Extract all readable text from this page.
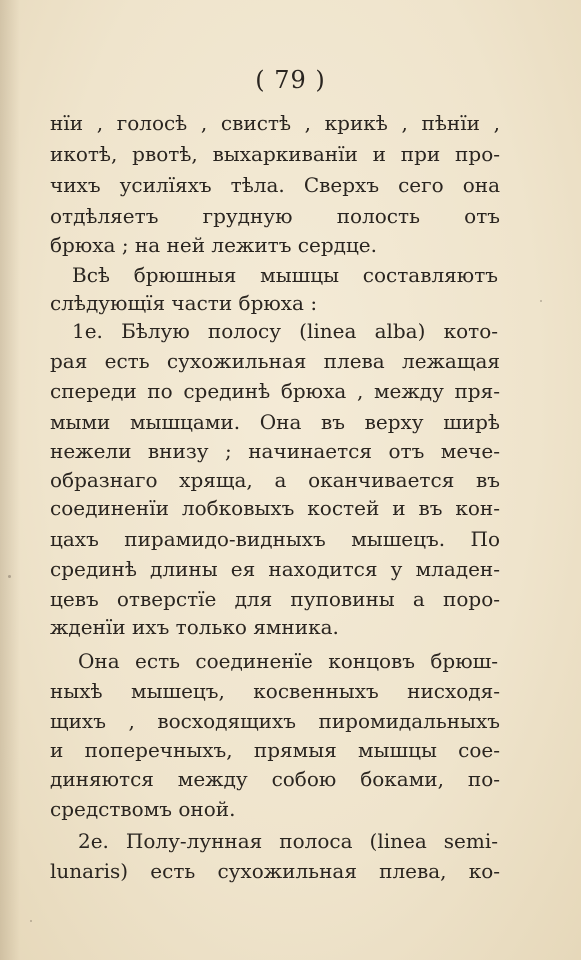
( 79 )
нїи , голосѣ , свистѣ , крикѣ , пѣнїи ,
икотѣ, рвотѣ, выхаркиванїи и при про-
чихъ усилїяхъ тѣла. Сверхъ сего она
отдѣляетъ грудную полость отъ
брюха ; на ней лежитъ сердце.
Всѣ брюшныя мышцы составляютъ
слѣдующїя части брюха :
1е. Бѣлую полосу (linea alba) кото-
рая есть сухожильная плева лежащая
спереди по срединѣ брюха , между пря-
мыми мышцами. Она въ верху ширѣ
нежели внизу ; начинается отъ мече-
образнаго хряща, а оканчивается въ
соединенїи лобковыхъ костей и въ кон-
цахъ пирамидо-видныхъ мышецъ. По
срединѣ длины ея находится у младен-
цевъ отверстїе для пуповины а поро-
жденїи ихъ только ямника.
Она есть соединенїе концовъ брюш-
ныхѣ мышецъ, косвенныхъ нисходя-
щихъ , восходящихъ пиромидальныхъ
и поперечныхъ, прямыя мышцы сое-
диняются между собою боками, по-
средствомъ оной.
2е. Полу-лунная полоса (linea semi-
lunaris) есть сухожильная плева, ко-
